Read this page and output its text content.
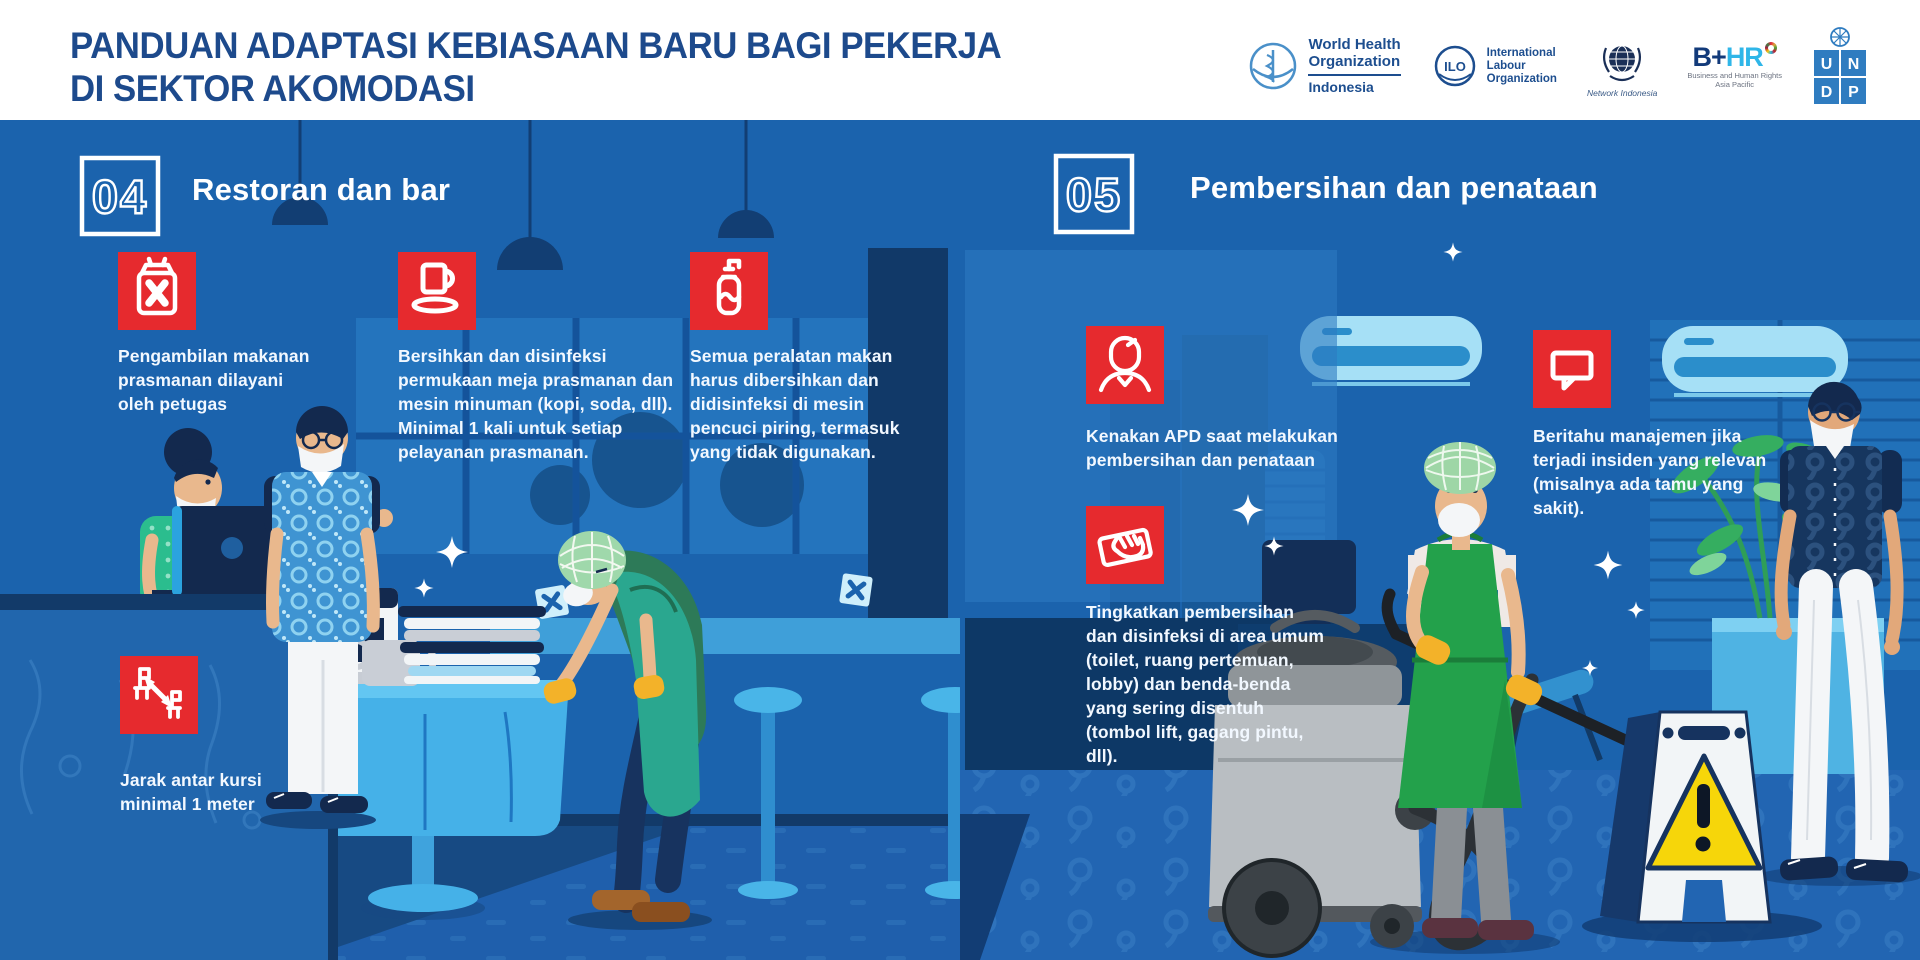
PANDUAN ADAPTASI KEBIASAAN BARU BAGI PEKERJA
DI SEKTOR AKOMODASI
World Health
Organization
Indonesia
ILO
International
Labour
Organization
Network Indonesia
B+ HR
Business and Human Rights
Asia Pacific
U N
D P
04 Restoran dan bar	05 Pembersihan dan penataan
Pengambilan makanan prasmanan dilayani oleh petugas
Bersihkan dan disinfeksi permukaan meja prasmanan dan mesin minuman (kopi, soda, dll). Minimal 1 kali untuk setiap pelayanan prasmanan.
Semua peralatan makan harus dibersihkan dan didisinfeksi di mesin pencuci piring, termasuk yang tidak digunakan.
Jarak antar kursi minimal 1 meter
Kenakan APD saat melakukan pembersihan dan penataan
Tingkatkan pembersihan dan disinfeksi di area umum (toilet, ruang pertemuan, lobby) dan benda-benda yang sering disentuh (tombol lift, gagang pintu, dll).
Beritahu manajemen jika terjadi insiden yang relevan (misalnya ada tamu yang sakit).
